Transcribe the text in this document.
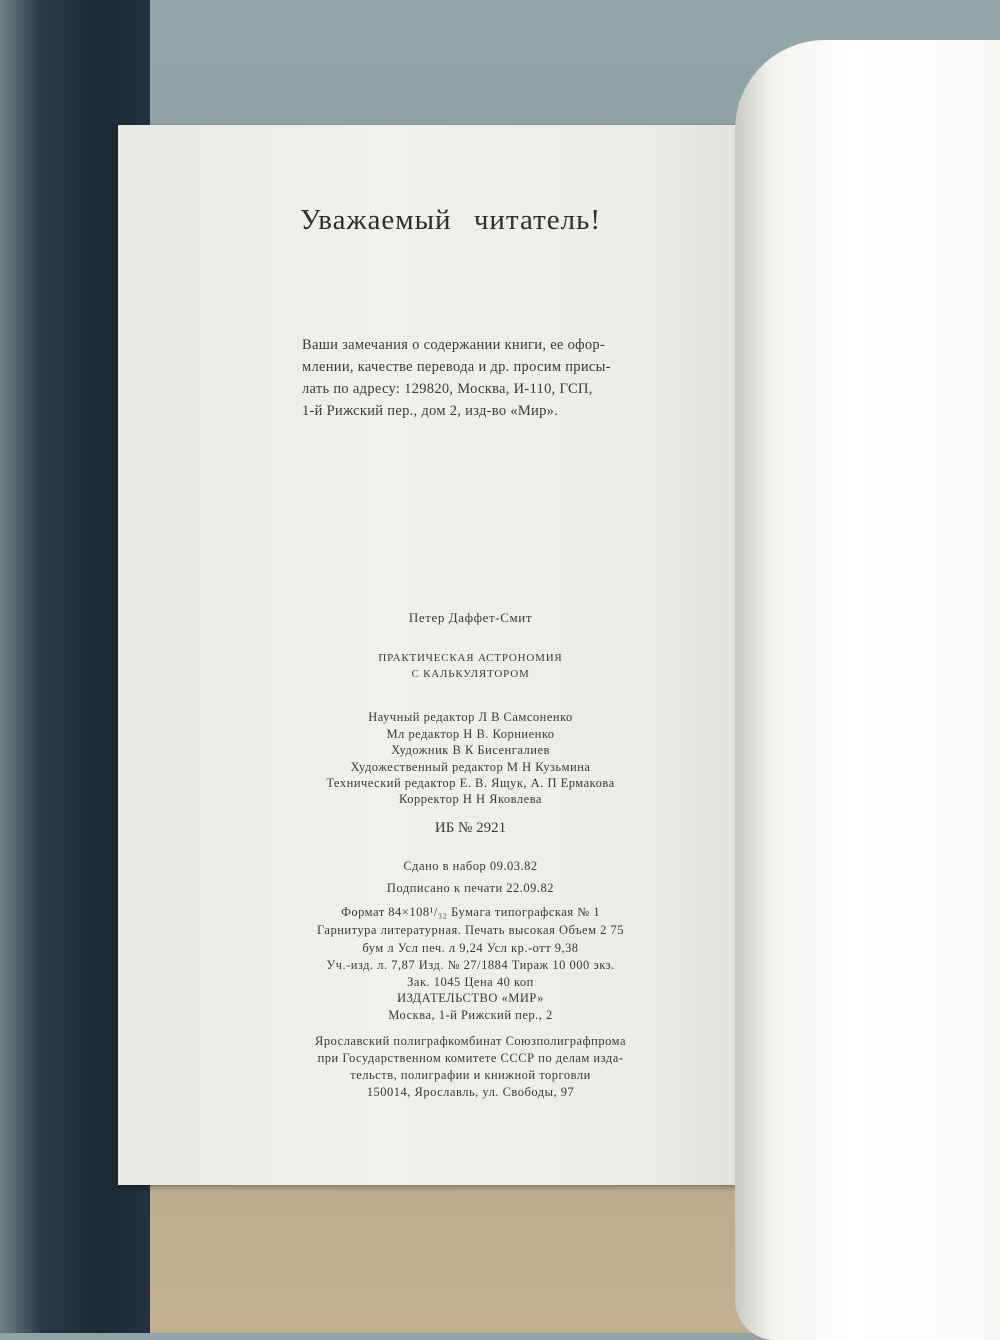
Уважаемый читатель!
Ваши замечания о содержании книги, ее офор-
млении, качестве перевода и др. просим присы-
лать по адресу: 129820, Москва, И-110, ГСП,
1-й Рижский пер., дом 2, изд-во «Мир».
Петер Даффет-Смит
ПРАКТИЧЕСКАЯ АСТРОНОМИЯ
С КАЛЬКУЛЯТОРОМ
Научный редактор Л В Самсоненко
Мл редактор Н В. Корниенко
Художник В К Бисенгалиев
Художественный редактор М Н Кузьмина
Технический редактор Е. В. Ящук, А. П Ермакова
Корректор Н Н Яковлева
ИБ № 2921
Сдано в набор 09.03.82
Подписано к печати 22.09.82
Формат 84×108¹/₃₂ Бумага типографская № 1
Гарнитура литературная. Печать высокая Объем 2 75
бум л Усл печ. л 9,24 Усл кр.-отт 9,38
Уч.-изд. л. 7,87 Изд. № 27/1884 Тираж 10 000 экз.
Зак. 1045 Цена 40 коп
ИЗДАТЕЛЬСТВО «МИР»
Москва, 1-й Рижский пер., 2
Ярославский полиграфкомбинат Союзполиграфпрома
при Государственном комитете СССР по делам изда-
тельств, полиграфии и книжной торговли
150014, Ярославль, ул. Свободы, 97
